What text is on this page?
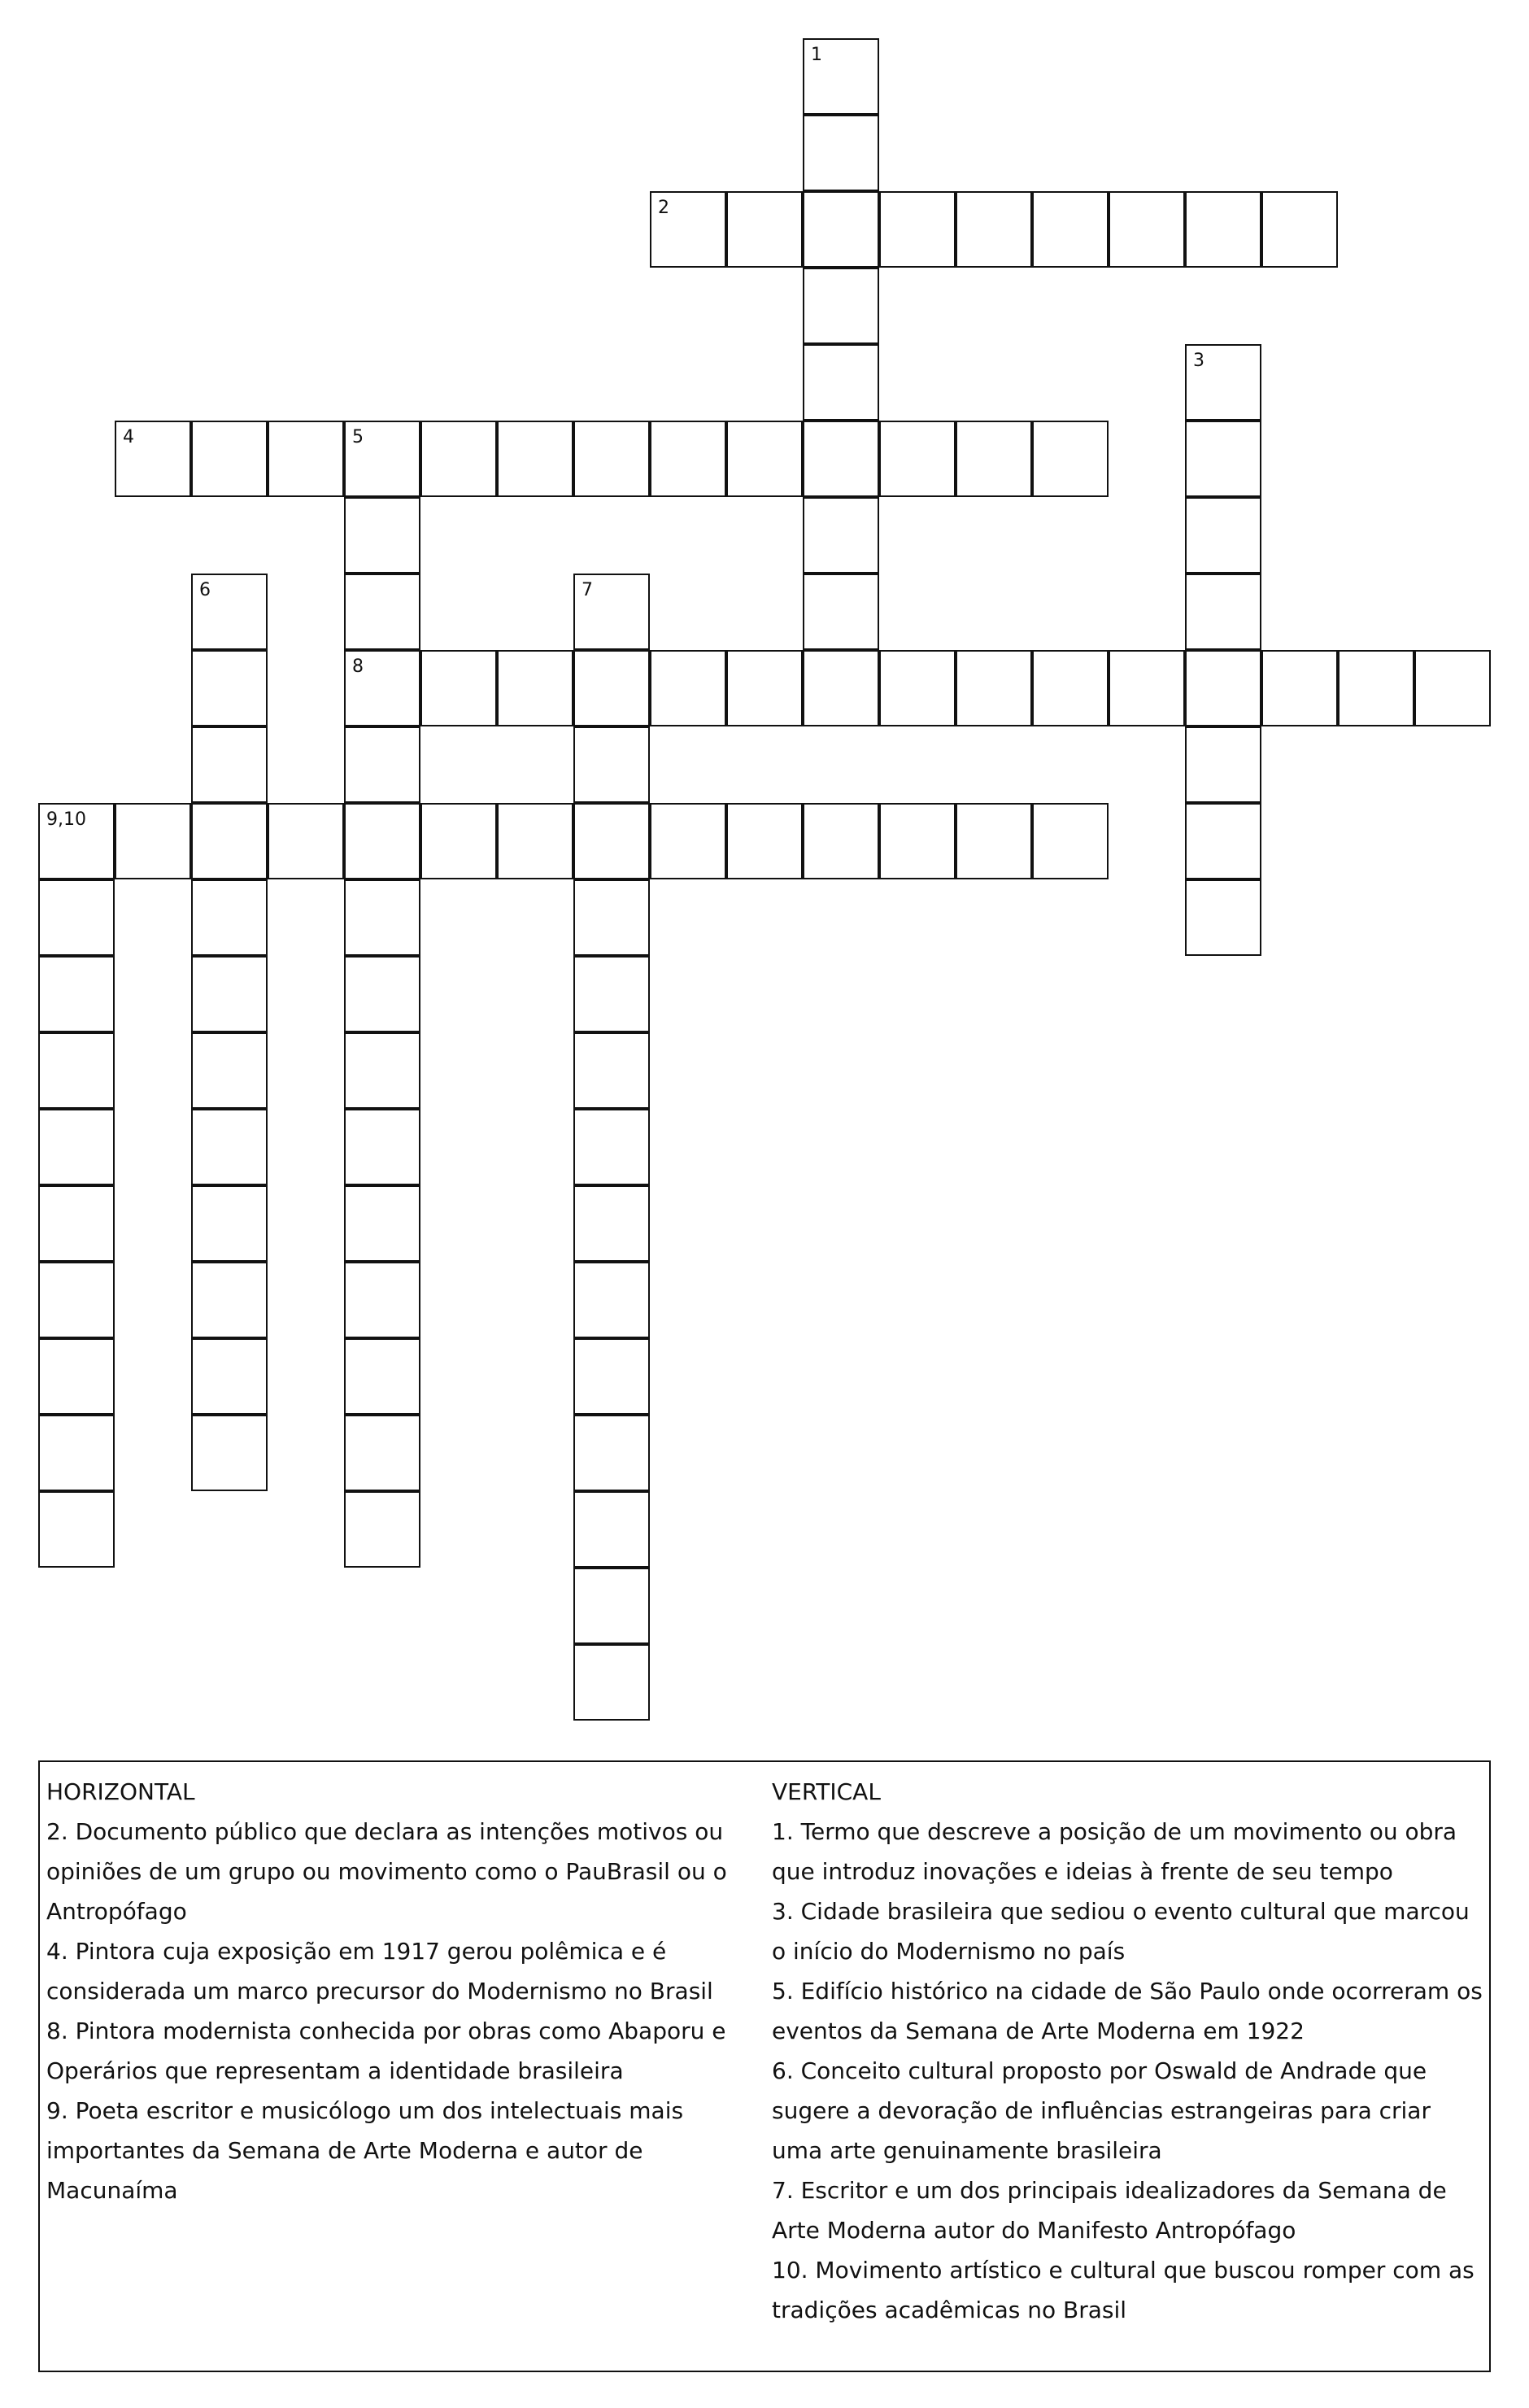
1
2
3
4	5
6	7
8
9,10
HORIZONTAL
2. Documento público que declara as intenções motivos ou opiniões de um grupo ou movimento como o PauBrasil ou o Antropófago
4. Pintora cuja exposição em 1917 gerou polêmica e é considerada um marco precursor do Modernismo no Brasil
8. Pintora modernista conhecida por obras como Abaporu e Operários que representam a identidade brasileira
9. Poeta escritor e musicólogo um dos intelectuais mais importantes da Semana de Arte Moderna e autor de Macunaíma
VERTICAL
1. Termo que descreve a posição de um movimento ou obra que introduz inovações e ideias à frente de seu tempo
3. Cidade brasileira que sediou o evento cultural que marcou o início do Modernismo no país
5. Edifício histórico na cidade de São Paulo onde ocorreram os eventos da Semana de Arte Moderna em 1922
6. Conceito cultural proposto por Oswald de Andrade que sugere a devoração de influências estrangeiras para criar uma arte genuinamente brasileira
7. Escritor e um dos principais idealizadores da Semana de Arte Moderna autor do Manifesto Antropófago
10. Movimento artístico e cultural que buscou romper com as tradições acadêmicas no Brasil
